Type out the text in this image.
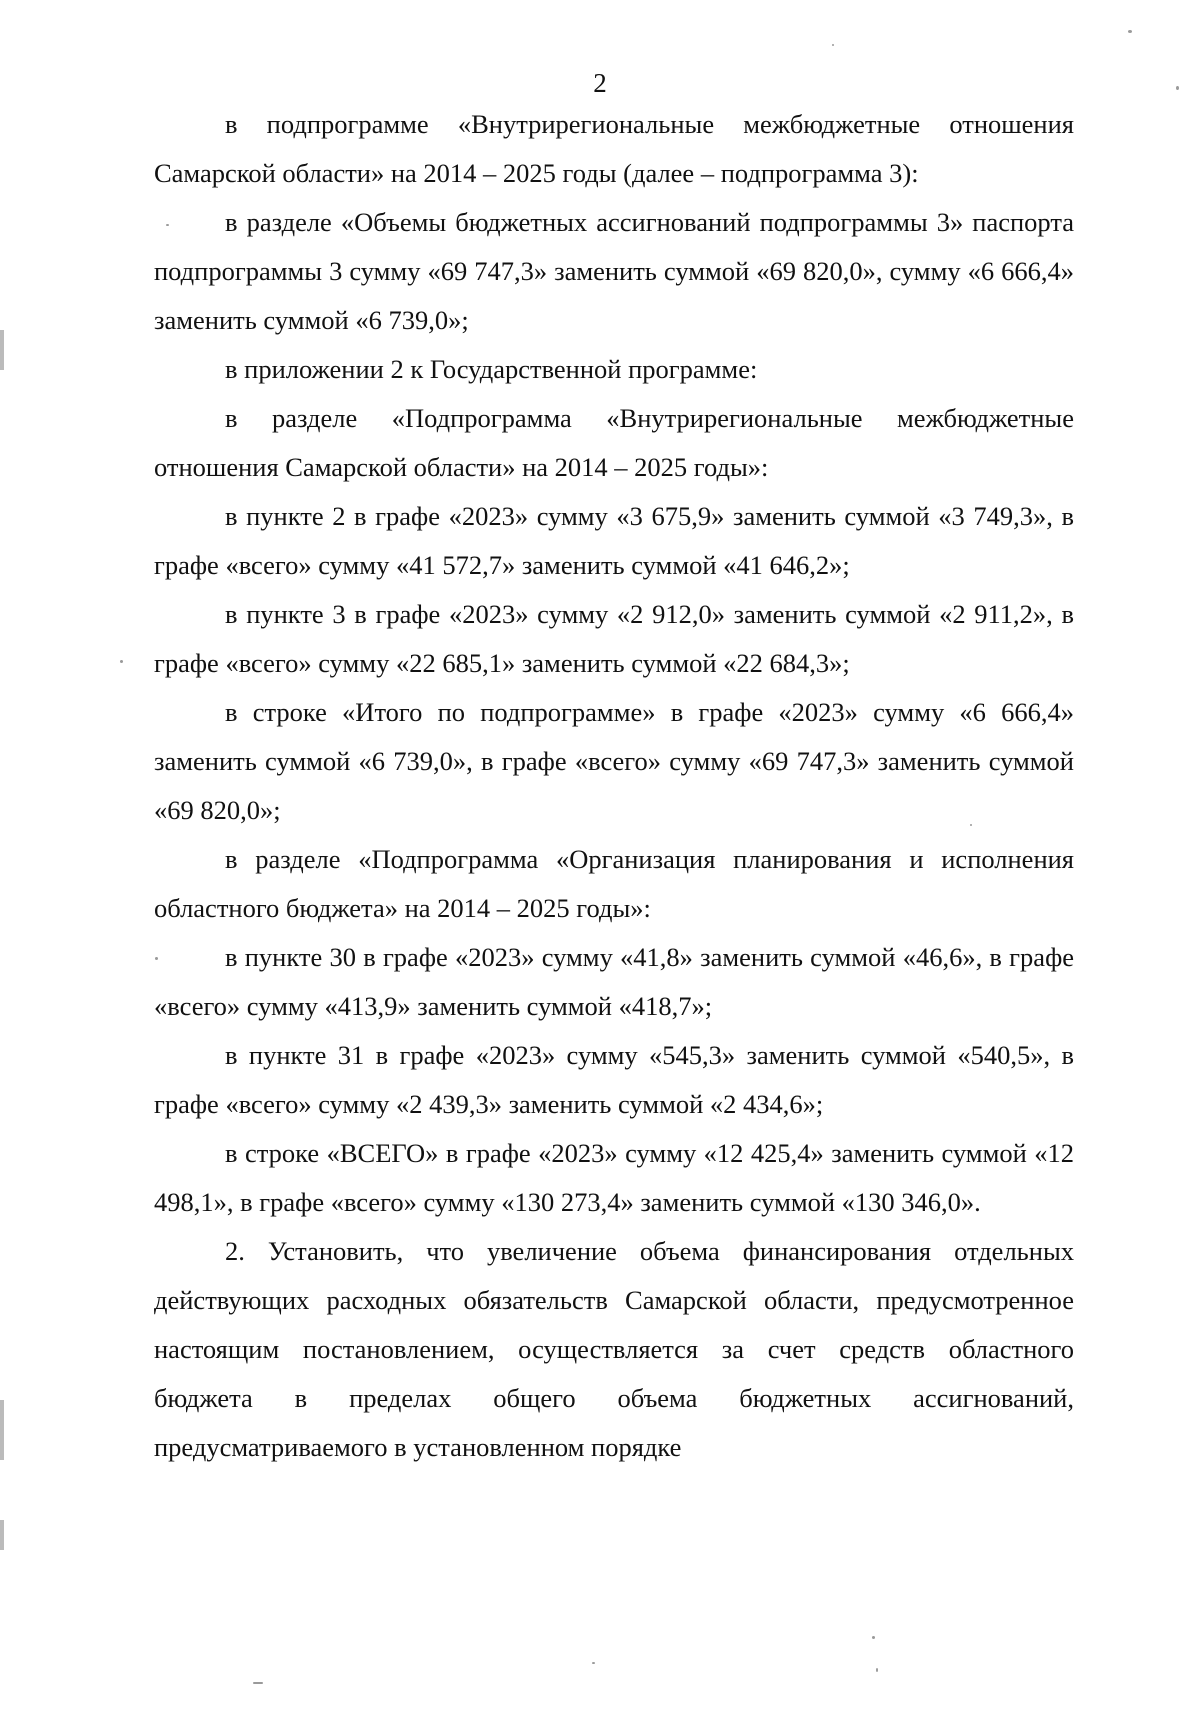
2

в подпрограмме «Внутрирегиональные межбюджетные отношения Самарской области» на 2014 – 2025 годы (далее – подпрограмма 3):

в разделе «Объемы бюджетных ассигнований подпрограммы 3» паспорта подпрограммы 3 сумму «69 747,3» заменить суммой «69 820,0», сумму «6 666,4» заменить суммой «6 739,0»;

в приложении 2 к Государственной программе:

в разделе «Подпрограмма «Внутрирегиональные межбюджетные отношения Самарской области» на 2014 – 2025 годы»:

в пункте 2 в графе «2023» сумму «3 675,9» заменить суммой «3 749,3», в графе «всего» сумму «41 572,7» заменить суммой «41 646,2»;

в пункте 3 в графе «2023» сумму «2 912,0» заменить суммой «2 911,2», в графе «всего» сумму «22 685,1» заменить суммой «22 684,3»;

в строке «Итого по подпрограмме» в графе «2023» сумму «6 666,4» заменить суммой «6 739,0», в графе «всего» сумму «69 747,3» заменить суммой «69 820,0»;

в разделе «Подпрограмма «Организация планирования и исполнения областного бюджета» на 2014 – 2025 годы»:

в пункте 30 в графе «2023» сумму «41,8» заменить суммой «46,6», в графе «всего» сумму «413,9» заменить суммой «418,7»;

в пункте 31 в графе «2023» сумму «545,3» заменить суммой «540,5», в графе «всего» сумму «2 439,3» заменить суммой «2 434,6»;

в строке «ВСЕГО» в графе «2023» сумму «12 425,4» заменить суммой «12 498,1», в графе «всего» сумму «130 273,4» заменить суммой «130 346,0».

2. Установить, что увеличение объема финансирования отдельных действующих расходных обязательств Самарской области, предусмотренное настоящим постановлением, осуществляется за счет средств областного бюджета в пределах общего объема бюджетных ассигнований, предусматриваемого в установленном порядке
